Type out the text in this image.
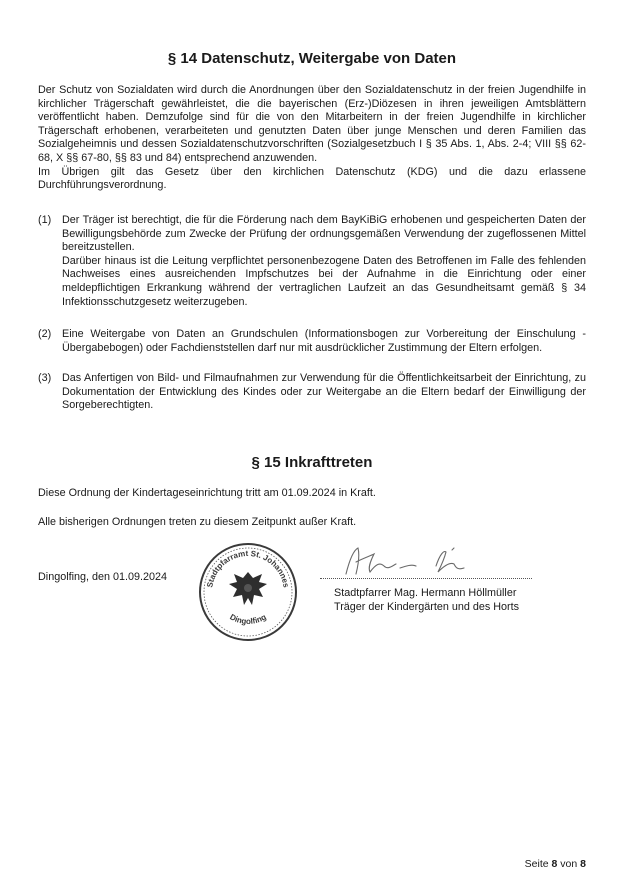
§ 14 Datenschutz, Weitergabe von Daten

Der Schutz von Sozialdaten wird durch die Anordnungen über den Sozialdatenschutz in der freien Jugendhilfe in kirchlicher Trägerschaft gewährleistet, die die bayerischen (Erz-)Diözesen in ihren jeweiligen Amtsblättern veröffentlicht haben. Demzufolge sind für die von den Mitarbeitern in der freien Jugendhilfe in kirchlicher Trägerschaft erhobenen, verarbeiteten und genutzten Daten über junge Menschen und deren Familien das Sozialgeheimnis und dessen Sozialdatenschutzvorschriften (Sozialgesetzbuch I § 35 Abs. 1, Abs. 2-4; VIII §§ 62-68, X §§ 67-80, §§ 83 und 84) entsprechend anzuwenden.
Im Übrigen gilt das Gesetz über den kirchlichen Datenschutz (KDG) und die dazu erlassene Durchführungsverordnung.

(1) Der Träger ist berechtigt, die für die Förderung nach dem BayKiBiG erhobenen und gespeicherten Daten der Bewilligungsbehörde zum Zwecke der Prüfung der ordnungsgemäßen Verwendung der zugeflossenen Mittel bereitzustellen.

Darüber hinaus ist die Leitung verpflichtet personenbezogene Daten des Betroffenen im Falle des fehlenden Nachweises eines ausreichenden Impfschutzes bei der Aufnahme in die Einrichtung oder einer meldepflichtigen Erkrankung während der vertraglichen Laufzeit an das Gesundheitsamt gemäß § 34 Infektionsschutzgesetz weiterzugeben.

(2) Eine Weitergabe von Daten an Grundschulen (Informationsbogen zur Vorbereitung der Einschulung - Übergabebogen) oder Fachdienststellen darf nur mit ausdrücklicher Zustimmung der Eltern erfolgen.

(3) Das Anfertigen von Bild- und Filmaufnahmen zur Verwendung für die Öffentlichkeitsarbeit der Einrichtung, zu Dokumentation der Entwicklung des Kindes oder zur Weitergabe an die Eltern bedarf der Einwilligung der Sorgeberechtigten.

§ 15 Inkrafttreten

Diese Ordnung der Kindertageseinrichtung tritt am 01.09.2024 in Kraft.

Alle bisherigen Ordnungen treten zu diesem Zeitpunkt außer Kraft.

Dingolfing, den 01.09.2024

Stadtpfarramt St. Johannes
Dingolfing
Stadtpfarrer Mag. Hermann Höllmüller
Träger der Kindergärten und des Horts
Seite 8 von 8
